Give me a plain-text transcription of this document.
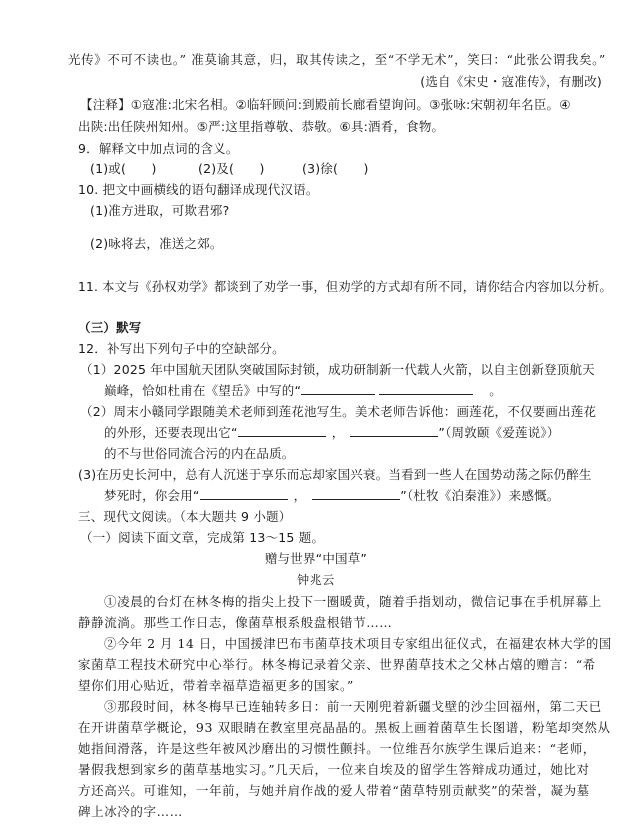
光传》不可不读也。” 准莫谕其意，归，取其传读之，至“不学无术”，笑曰：“此张公谓我矣。”
(选自《宋史・寇准传》，有删改)
【注释】①寇准:北宋名相。②临轩顾问:到殿前长廊看望询问。③张咏:宋朝初年名臣。④
出陕:出任陕州知州。⑤严:这里指尊敬、恭敬。⑥具:酒肴，食物。
9．解释文中加点词的含义。
(1)或(　　)	(2)及(　　)	(3)徐(　　)
10. 把文中画横线的语句翻译成现代汉语。
(1)准方进取，可欺君邪?
(2)咏将去，准送之郊。
11. 本文与《孙权劝学》都谈到了劝学一事，但劝学的方式却有所不同，请你结合内容加以分析。
（三）默写
12．补写出下列句子中的空缺部分。
（1）2025 年中国航天团队突破国际封锁，成功研制新一代载人火箭，以自主创新登顶航天
巅峰，恰如杜甫在《望岳》中写的“	。
（2）周末小赣同学跟随美术老师到莲花池写生。美术老师告诉他：画莲花，不仅要画出莲花
的外形，还要表现出它“	，	”（周敦颐《爱莲说》）
的不与世俗同流合污的内在品质。
(3)在历史长河中，总有人沉迷于享乐而忘却家国兴衰。当看到一些人在国势动荡之际仍醉生
梦死时，你会用“	，	”（杜牧《泊秦淮》）来感慨。
三、现代文阅读。（本大题共 9 小题）
（一）阅读下面文章，完成第 13～15 题。
赠与世界“中国草”
钟兆云
①凌晨的台灯在林冬梅的指尖上投下一圈暖黄，随着手指划动，微信记事在手机屏幕上
静静流淌。那些工作日志，像菌草根系般盘根错节……
②今年 2 月 14 日，中国援津巴布韦菌草技术项目专家组出征仪式，在福建农林大学的国
家菌草工程技术研究中心举行。林冬梅记录着父亲、世界菌草技术之父林占熺的赠言：“希
望你们用心贴近，带着幸福草造福更多的国家。”
③那段时间，林冬梅早已连轴转多日：前一天刚兜着新疆戈壁的沙尘回福州，第二天已
在开讲菌草学概论，93 双眼睛在教室里亮晶晶的。黑板上画着菌草生长图谱，粉笔却突然从
她指间滑落，许是这些年被风沙磨出的习惯性颤抖。一位维吾尔族学生课后追来：“老师，
暑假我想到家乡的菌草基地实习。”几天后，一位来自埃及的留学生答辩成功通过，她比对
方还高兴。可谁知，一年前，与她并肩作战的爱人带着“菌草特别贡献奖”的荣誉，凝为墓
碑上冰冷的字……
